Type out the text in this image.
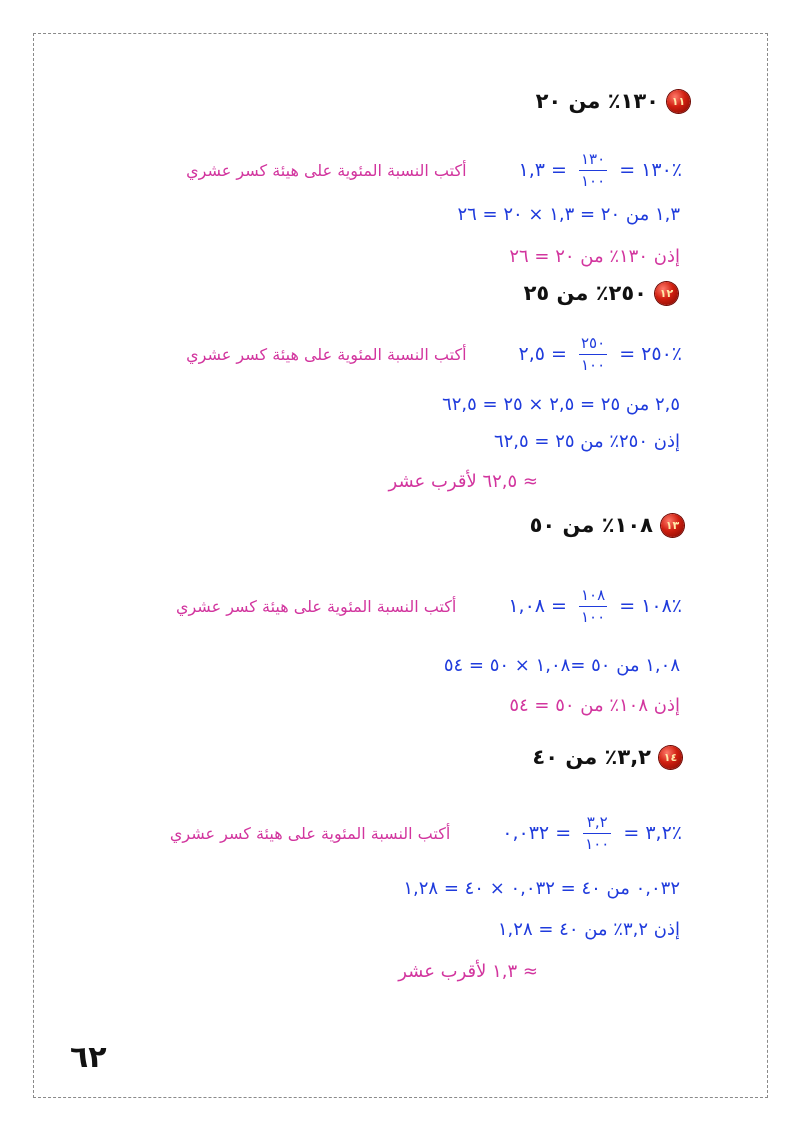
١١
١٣٠٪ من ٢٠
٪١٣٠
=
$\frac{١٣٠}{١٠٠}$
=
١,٣
أكتب النسبة المئوية على هيئة كسر عشري
١,٣ من ٢٠ = ١,٣ × ٢٠ = ٢٦
إذن ١٣٠٪ من ٢٠ = ٢٦
١٢
٢٥٠٪ من ٢٥
٪٢٥٠
=
$\frac{٢٥٠}{١٠٠}$
=
٢,٥
أكتب النسبة المئوية على هيئة كسر عشري
٢,٥ من ٢٥ = ٢,٥ × ٢٥ = ٦٢,٥
إذن ٢٥٠٪ من ٢٥ = ٦٢,٥
≈ ٦٢,٥ لأقرب عشر
١٣
١٠٨٪ من ٥٠
٪١٠٨
=
$\frac{١٠٨}{١٠٠}$
=
١,٠٨
أكتب النسبة المئوية على هيئة كسر عشري
١,٠٨ من ٥٠ =١,٠٨ × ٥٠ = ٥٤
إذن ١٠٨٪ من ٥٠ = ٥٤
١٤
٣,٢٪ من ٤٠
٪٣,٢
=
$\frac{٣,٢}{١٠٠}$
=
٠,٠٣٢
أكتب النسبة المئوية على هيئة كسر عشري
٠,٠٣٢ من ٤٠ = ٠,٠٣٢ × ٤٠ = ١,٢٨
إذن ٣,٢٪ من ٤٠ = ١,٢٨
≈ ١,٣ لأقرب عشر
٦٢
